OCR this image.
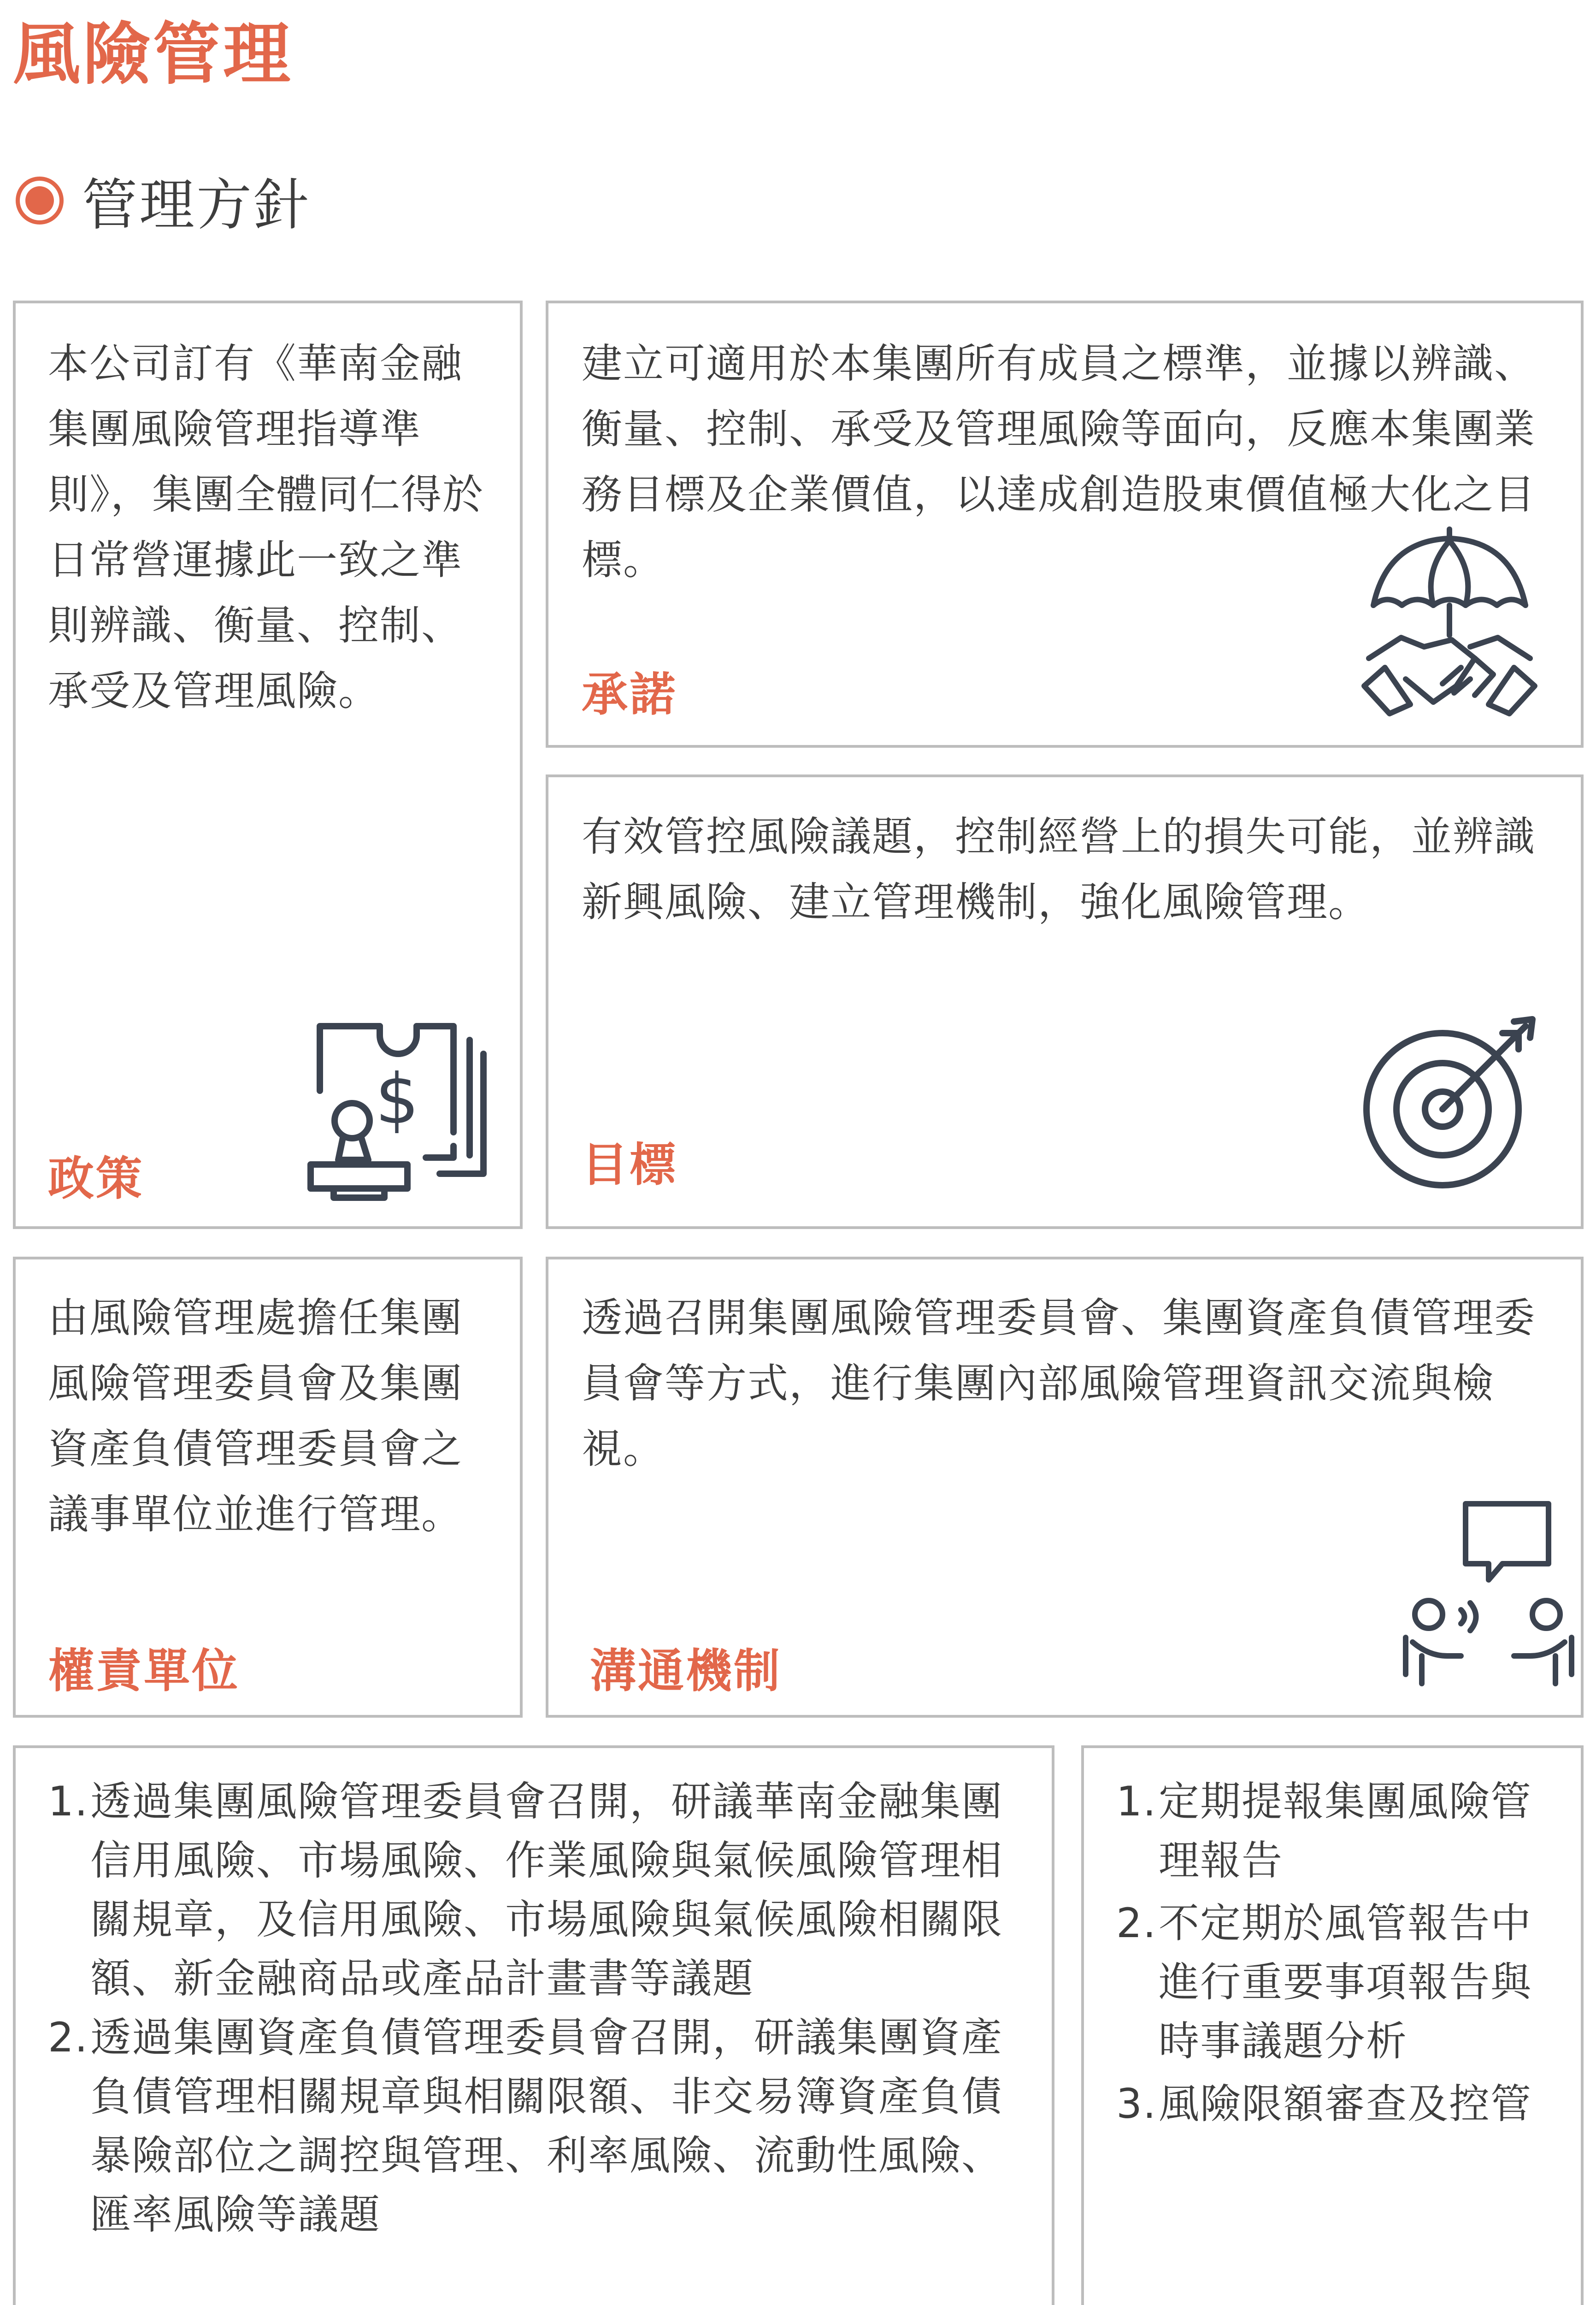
風險管理
管理方針
本公司訂有《華南金融集團風險管理指導準則》，集團全體同仁得於日常營運據此一致之準則辨識、衡量、控制、承受及管理風險。
$
政策
建立可適用於本集團所有成員之標準，並據以辨識、衡量、控制、承受及管理風險等面向，反應本集團業務目標及企業價值，以達成創造股東價值極大化之目標。
承諾
有效管控風險議題，控制經營上的損失可能，並辨識新興風險、建立管理機制，強化風險管理。
目標
由風險管理處擔任集團風險管理委員會及集團資產負債管理委員會之議事單位並進行管理。
權責單位
透過召開集團風險管理委員會、集團資產負債管理委員會等方式，進行集團內部風險管理資訊交流與檢視。
溝通機制
1. 透過集團風險管理委員會召開，研議華南金融集團信用風險、市場風險、作業風險與氣候風險管理相關規章，及信用風險、市場風險與氣候風險相關限額、新金融商品或產品計畫書等議題
2. 透過集團資產負債管理委員會召開，研議集團資產負債管理相關規章與相關限額、非交易簿資產負債暴險部位之調控與管理、利率風險、流動性風險、匯率風險等議題
1. 定期提報集團風險管理報告
2. 不定期於風管報告中進行重要事項報告與時事議題分析
3. 風險限額審查及控管
